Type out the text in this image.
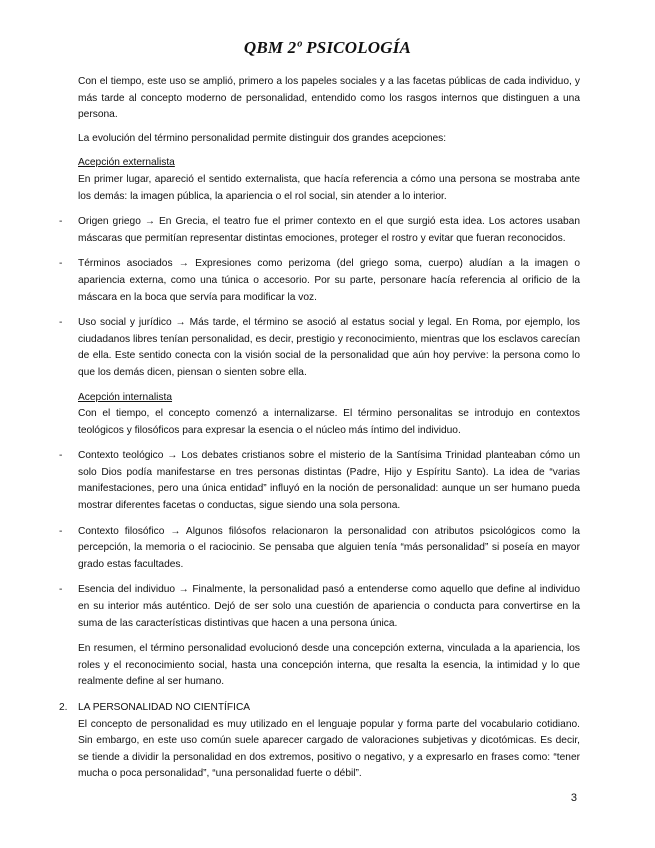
QBM 2º PSICOLOGÍA

Con el tiempo, este uso se amplió, primero a los papeles sociales y a las facetas públicas de cada individuo, y más tarde al concepto moderno de personalidad, entendido como los rasgos internos que distinguen a una persona.

La evolución del término personalidad permite distinguir dos grandes acepciones:

Acepción externalista

En primer lugar, apareció el sentido externalista, que hacía referencia a cómo una persona se mostraba ante los demás: la imagen pública, la apariencia o el rol social, sin atender a lo interior.

- Origen griego → En Grecia, el teatro fue el primer contexto en el que surgió esta idea. Los actores usaban máscaras que permitían representar distintas emociones, proteger el rostro y evitar que fueran reconocidos.

- Términos asociados → Expresiones como perizoma (del griego soma, cuerpo) aludían a la imagen o apariencia externa, como una túnica o accesorio. Por su parte, personare hacía referencia al orificio de la máscara en la boca que servía para modificar la voz.

- Uso social y jurídico → Más tarde, el término se asoció al estatus social y legal. En Roma, por ejemplo, los ciudadanos libres tenían personalidad, es decir, prestigio y reconocimiento, mientras que los esclavos carecían de ella. Este sentido conecta con la visión social de la personalidad que aún hoy pervive: la persona como lo que los demás dicen, piensan o sienten sobre ella.

Acepción internalista

Con el tiempo, el concepto comenzó a internalizarse. El término personalitas se introdujo en contextos teológicos y filosóficos para expresar la esencia o el núcleo más íntimo del individuo.

- Contexto teológico → Los debates cristianos sobre el misterio de la Santísima Trinidad planteaban cómo un solo Dios podía manifestarse en tres personas distintas (Padre, Hijo y Espíritu Santo). La idea de “varias manifestaciones, pero una única entidad” influyó en la noción de personalidad: aunque un ser humano pueda mostrar diferentes facetas o conductas, sigue siendo una sola persona.

- Contexto filosófico → Algunos filósofos relacionaron la personalidad con atributos psicológicos como la percepción, la memoria o el raciocinio. Se pensaba que alguien tenía “más personalidad” si poseía en mayor grado estas facultades.

- Esencia del individuo → Finalmente, la personalidad pasó a entenderse como aquello que define al individuo en su interior más auténtico. Dejó de ser solo una cuestión de apariencia o conducta para convertirse en la suma de las características distintivas que hacen a una persona única.

En resumen, el término personalidad evolucionó desde una concepción externa, vinculada a la apariencia, los roles y el reconocimiento social, hasta una concepción interna, que resalta la esencia, la intimidad y lo que realmente define al ser humano.

2. LA PERSONALIDAD NO CIENTÍFICA

El concepto de personalidad es muy utilizado en el lenguaje popular y forma parte del vocabulario cotidiano. Sin embargo, en este uso común suele aparecer cargado de valoraciones subjetivas y dicotómicas. Es decir, se tiende a dividir la personalidad en dos extremos, positivo o negativo, y a expresarlo en frases como: “tener mucha o poca personalidad”, “una personalidad fuerte o débil”.

3
